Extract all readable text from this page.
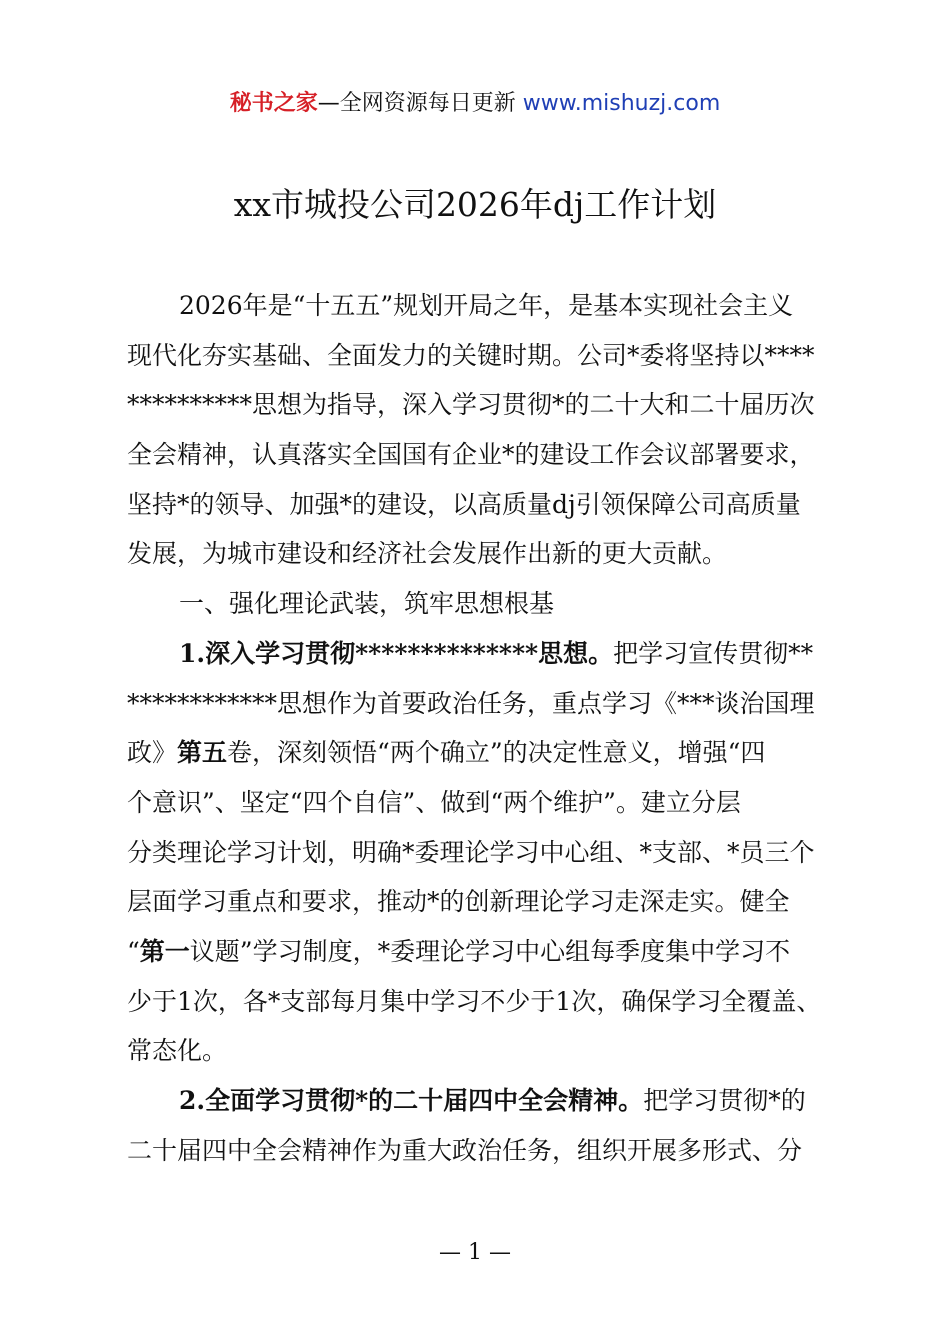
秘书之家—全网资源每日更新 www.mishuzj.com
xx市城投公司2026年dj工作计划
2026年是“十五五”规划开局之年，是基本实现社会主义
现代化夯实基础、全面发力的关键时期。公司*委将坚持以****
**********思想为指导，深入学习贯彻*的二十大和二十届历次
全会精神，认真落实全国国有企业*的建设工作会议部署要求，
坚持*的领导、加强*的建设，以高质量dj引领保障公司高质量
发展，为城市建设和经济社会发展作出新的更大贡献。
一、强化理论武装，筑牢思想根基
1.深入学习贯彻**************思想。把学习宣传贯彻**
************思想作为首要政治任务，重点学习《***谈治国理
政》第五卷，深刻领悟“两个确立”的决定性意义，增强“四
个意识”、坚定“四个自信”、做到“两个维护”。建立分层
分类理论学习计划，明确*委理论学习中心组、*支部、*员三个
层面学习重点和要求，推动*的创新理论学习走深走实。健全
“第一议题”学习制度，*委理论学习中心组每季度集中学习不
少于1次，各*支部每月集中学习不少于1次，确保学习全覆盖、
常态化。
2.全面学习贯彻*的二十届四中全会精神。把学习贯彻*的
二十届四中全会精神作为重大政治任务，组织开展多形式、分
— 1 —
